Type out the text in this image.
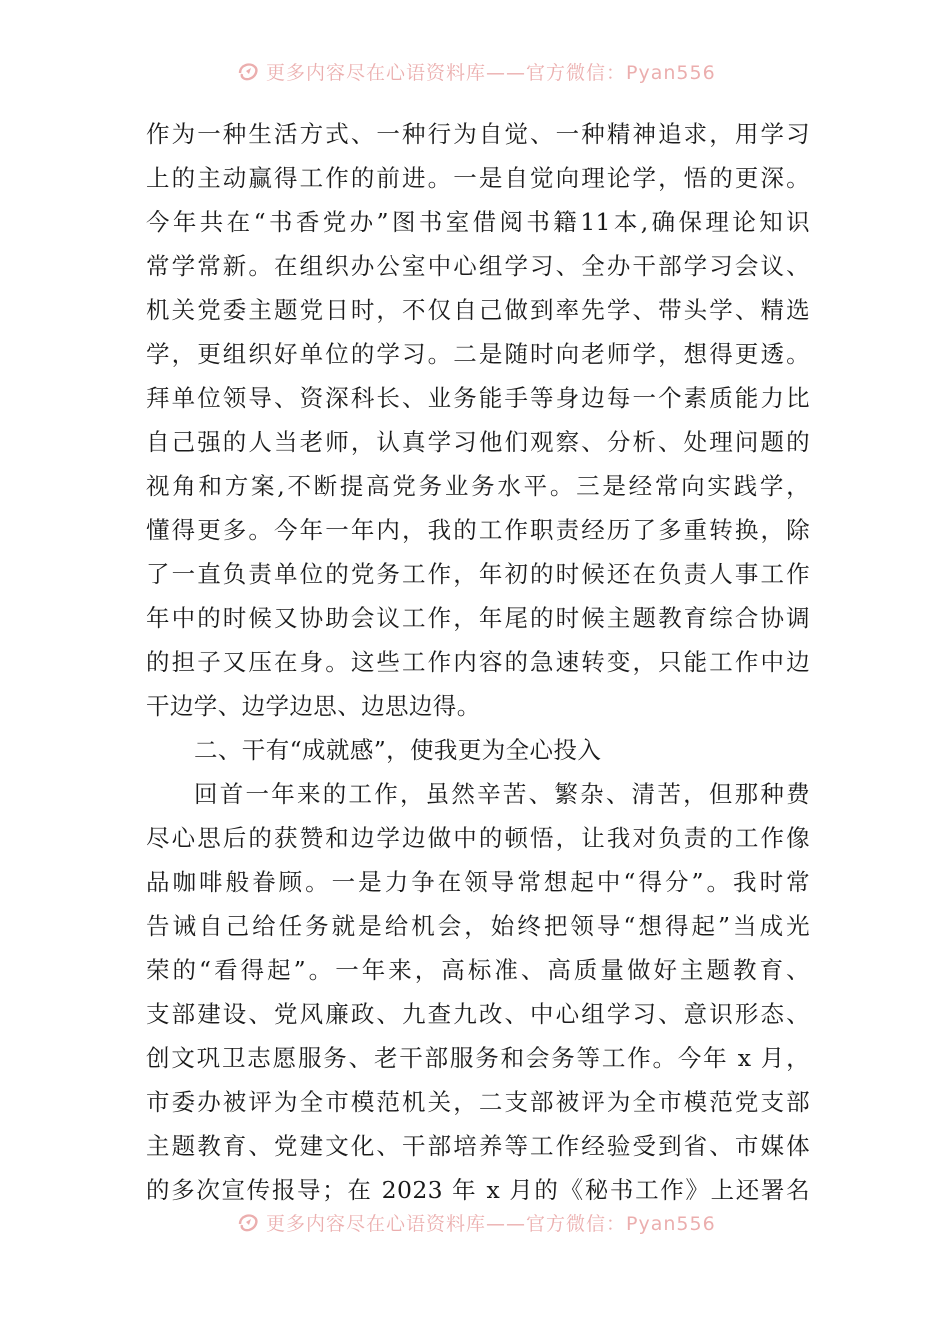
更多内容尽在心语资料库——官方微信：Pyan556
作为一种生活方式、一种行为自觉、一种精神追求，用学习
上的主动赢得工作的前进。一是自觉向理论学，悟的更深。
今年共在“书香党办”图书室借阅书籍11本,确保理论知识
常学常新。在组织办公室中心组学习、全办干部学习会议、
机关党委主题党日时，不仅自己做到率先学、带头学、精选
学，更组织好单位的学习。二是随时向老师学，想得更透。
拜单位领导、资深科长、业务能手等身边每一个素质能力比
自己强的人当老师，认真学习他们观察、分析、处理问题的
视角和方案,不断提高党务业务水平。三是经常向实践学，
懂得更多。今年一年内，我的工作职责经历了多重转换，除
了一直负责单位的党务工作，年初的时候还在负责人事工作
年中的时候又协助会议工作，年尾的时候主题教育综合协调
的担子又压在身。这些工作内容的急速转变，只能工作中边
干边学、边学边思、边思边得。
二、干有“成就感”，使我更为全心投入
回首一年来的工作，虽然辛苦、繁杂、清苦，但那种费
尽心思后的获赞和边学边做中的顿悟，让我对负责的工作像
品咖啡般眷顾。一是力争在领导常想起中“得分”。我时常
告诫自己给任务就是给机会，始终把领导“想得起”当成光
荣的“看得起”。一年来，高标准、高质量做好主题教育、
支部建设、党风廉政、九查九改、中心组学习、意识形态、
创文巩卫志愿服务、老干部服务和会务等工作。今年 x 月，
市委办被评为全市模范机关，二支部被评为全市模范党支部
主题教育、党建文化、干部培养等工作经验受到省、市媒体
的多次宣传报导；在 2023 年 x 月的《秘书工作》上还署名
更多内容尽在心语资料库——官方微信：Pyan556
